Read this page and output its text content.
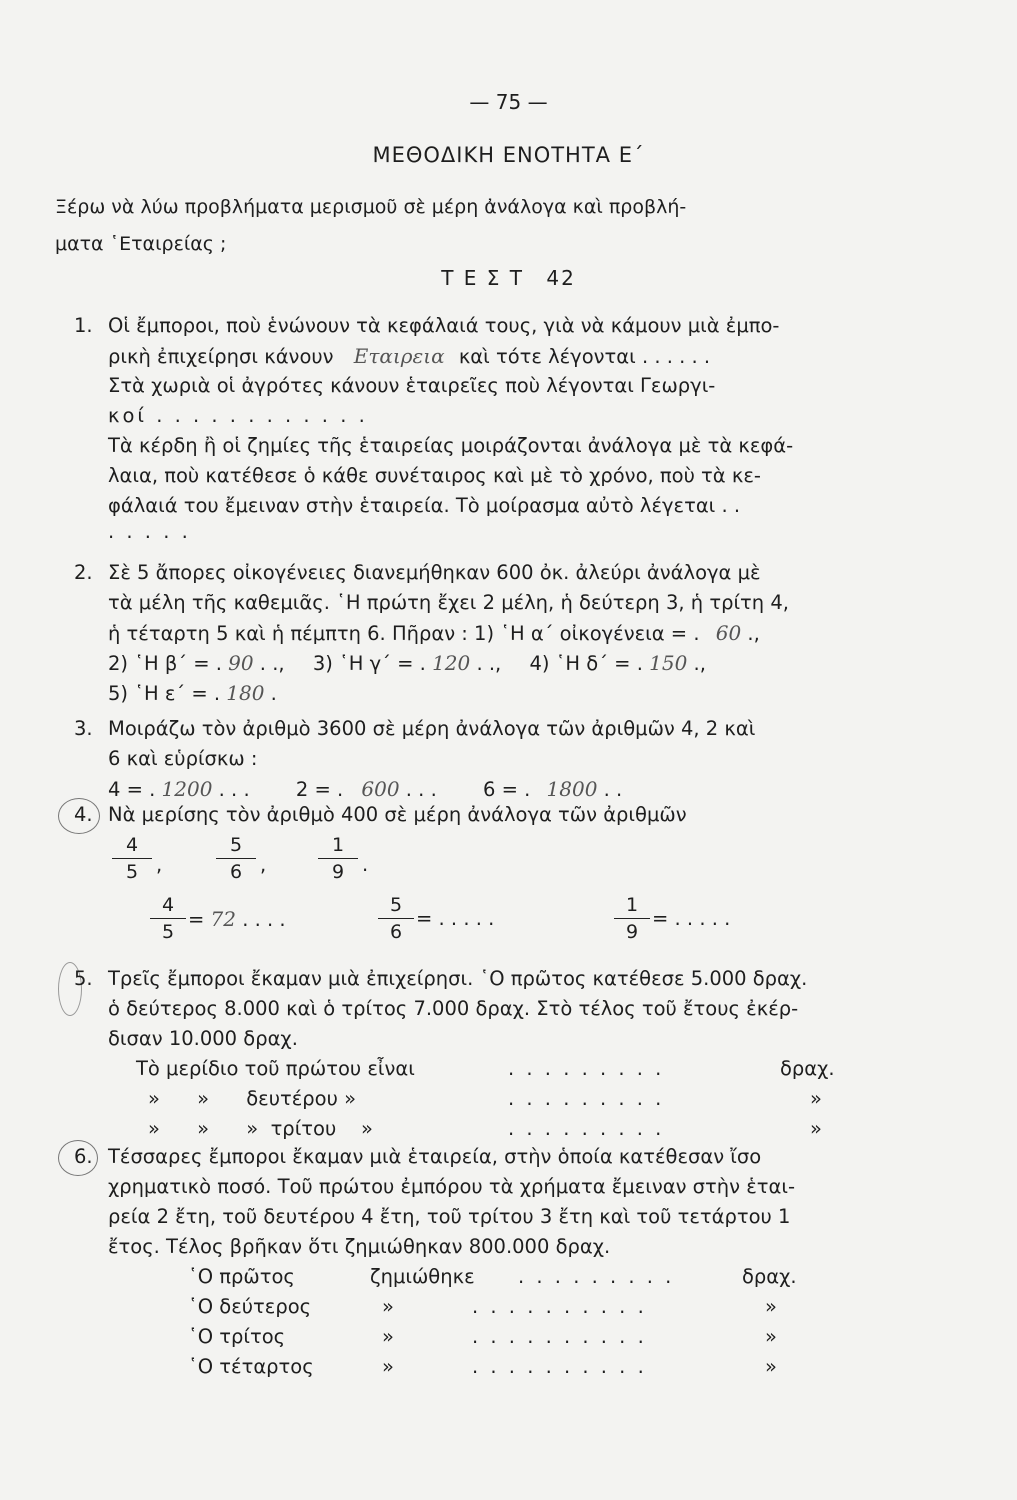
— 75 —
ΜΕΘΟΔΙΚΗ ΕΝΟΤΗΤΑ Ε΄
Ξέρω νὰ λύω προβλήματα μερισμοῦ σὲ μέρη ἀνάλογα καὶ προβλή-
ματα ῾Εταιρείας ;
Τ Ε Σ Τ 42
1. Οἱ ἔμποροι, ποὺ ἑνώνουν τὰ κεφάλαιά τους, γιὰ νὰ κάμουν μιὰ ἐμπο-
ρικὴ ἐπιχείρησι κάνουν Εταιρεια καὶ τότε λέγονται . . . . . .
Στὰ χωριὰ οἱ ἀγρότες κάνουν ἑταιρεῖες ποὺ λέγονται Γεωργι-
κοί . . . . . . . . . . . .
Τὰ κέρδη ἢ οἱ ζημίες τῆς ἑταιρείας μοιράζονται ἀνάλογα μὲ τὰ κεφά-
λαια, ποὺ κατέθεσε ὁ κάθε συνέταιρος καὶ μὲ τὸ χρόνο, ποὺ τὰ κε-
φάλαιά του ἔμειναν στὴν ἑταιρεία. Τὸ μοίρασμα αὐτὸ λέγεται . .
. . . . .
2. Σὲ 5 ἄπορες οἰκογένειες διανεμήθηκαν 600 ὀκ. ἀλεύρι ἀνάλογα μὲ
τὰ μέλη τῆς καθεμιᾶς. ῾Η πρώτη ἔχει 2 μέλη, ἡ δεύτερη 3, ἡ τρίτη 4,
ἡ τέταρτη 5 καὶ ἡ πέμπτη 6. Πῆραν : 1) ῾Η α΄ οἰκογένεια = . 60 .,
2) ῾Η β΄ = . 90 . ., 3) ῾Η γ΄ = . 120 . ., 4) ῾Η δ΄ = . 150 .,
5) ῾Η ε΄ = . 180 .
3. Μοιράζω τὸν ἀριθμὸ 3600 σὲ μέρη ἀνάλογα τῶν ἀριθμῶν 4, 2 καὶ
6 καὶ εὑρίσκω :
4 = . 1200 . . . 2 = . 600 . . . 6 = . 1800 . .
4. Νὰ μερίσης τὸν ἀριθμὸ 400 σὲ μέρη ἀνάλογα τῶν ἀριθμῶν
$\frac{4}{5}$ ,	$\frac{5}{6}$ ,	$\frac{1}{9}$ .
$\frac{4}{5} = 72$ . . . .	$\frac{5}{6}$ = . . . . .	$\frac{1}{9}$ = . . . . .
5. Τρεῖς ἔμποροι ἔκαμαν μιὰ ἐπιχείρησι. ῾Ο πρῶτος κατέθεσε 5.000 δραχ.
ὁ δεύτερος 8.000 καὶ ὁ τρίτος 7.000 δραχ. Στὸ τέλος τοῦ ἔτους ἐκέρ-
δισαν 10.000 δραχ.
Τὸ μερίδιο τοῦ πρώτου εἶναι	. . . . . . . . .	δραχ.
»      »      δευτέρου »	. . . . . . . . .	»
»      »      »  τρίτου    »	. . . . . . . . .	»
6. Τέσσαρες ἔμποροι ἔκαμαν μιὰ ἑταιρεία, στὴν ὁποία κατέθεσαν ἴσο
χρηματικὸ ποσό. Τοῦ πρώτου ἐμπόρου τὰ χρήματα ἔμειναν στὴν ἑται-
ρεία 2 ἔτη, τοῦ δευτέρου 4 ἔτη, τοῦ τρίτου 3 ἔτη καὶ τοῦ τετάρτου 1
ἔτος. Τέλος βρῆκαν ὅτι ζημιώθηκαν 800.000 δραχ.
῾Ο πρῶτος	ζημιώθηκε . . . . . . . . .	δραχ.
῾Ο δεύτερος	»	. . . . . . . . . .	»
῾Ο τρίτος	»	. . . . . . . . . .	»
῾Ο τέταρτος	»	. . . . . . . . . .	»
